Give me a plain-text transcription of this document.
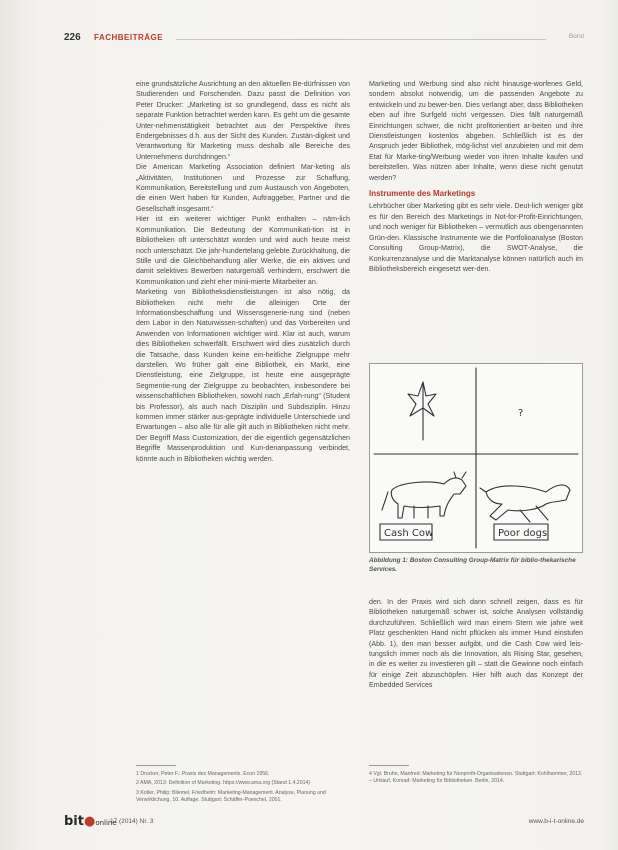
226 FACHBEITRÄGE	Borst

eine grundsätzliche Ausrichtung an den aktuellen Be-dürfnissen von Studierenden und Forschenden. Dazu passt die Definition von Peter Drucker: „Marketing ist so grundlegend, dass es nicht als separate Funktion betrachtet werden kann. Es geht um die gesamte Unter-nehmenstätigkeit betrachtet aus der Perspektive ihres Endergebnisses d.h. aus der Sicht des Kunden. Zustän-digkeit und Verantwortung für Marketing muss deshalb alle Bereiche des Unternehmens durchdringen.“

Die American Marketing Association definiert Mar-keting als „Aktivitäten, Institutionen und Prozesse zur Schaffung, Kommunikation, Bereitstellung und zum Austausch von Angeboten, die einen Wert haben für Kunden, Auftraggeber, Partner und die Gesellschaft insgesamt.“

Hier ist ein weiterer wichtiger Punkt enthalten – näm-lich Kommunikation. Die Bedeutung der Kommunikati-tion ist in Bibliotheken oft unterschätzt worden und wird auch heute meist noch unterschätzt. Die jahr-hundertelang gelebte Zurückhaltung, die Stille und die Gleichbehandlung aller Werke, die ein aktives und damit selektives Bewerben naturgemäß verhindern, erschwert die Kommunikation und zieht eher minii-mierte Mitarbeiter an.

Marketing von Bibliotheksdienstleistungen ist also nötig, da Bibliotheken nicht mehr die alleinigen Orte der Informationsbeschaffung und Wissensgenerie-rung sind (neben dem Labor in den Naturwissen-schaften) und das Vorbereiten und Anwenden von Informationen wichtiger wird. Klar ist auch, warum dies Bibliotheken schwerfällt. Erschwert wird dies zusätzlich durch die Tatsache, dass Kunden keine ein-heitliche Zielgruppe mehr darstellen. Wo früher galt eine Bibliothek, ein Markt, eine Dienstleistung, eine Zielgruppe, ist heute eine ausgeprägte Segmentie-rung der Zielgruppe zu beobachten, insbesondere bei wissenschaftlichen Bibliotheken, sowohl nach „Erfah-rung“ (Student bis Professor), als auch nach Disziplin und Subdisziplin. Hinzu kommen immer stärker aus-geprägte individuelle Unterschiede und Erwartungen – also alle für alle gilt auch in Bibliotheken nicht mehr. Der Begriff Mass Customization, der die eigentlich gegensätzlichen Begriffe Massenproduktion und Kun-denanpassung verbindet, könnte auch in Bibliotheken wichtig werden.

Marketing und Werbung sind also nicht hinausge-worfenes Geld, sondern absolut notwendig, um die passenden Angebote zu entwickeln und zu bewer-ben. Dies verlangt aber, dass Bibliotheken eben auf ihre Surfgeld nicht vergessen. Dies fällt naturgemäß Einrichtungen schwer, die nicht profitorientiert ar-beiten und ihre Dienstleistungen kostenlos abgeben. Schließlich ist es der Anspruch jeder Bibliothek, mög-lichst viel anzubieten und mit dem Etat für Marke-ting/Werbung wieder von ihren Inhalte kaufen und bereitstellen. Was nützen aber Inhalte, wenn diese nicht genutzt werden?

Instrumente des Marketings

Lehrbücher über Marketing gibt es sehr viele. Deut-lich weniger gibt es für den Bereich des Marketings in Not-for-Profit-Einrichtungen, und noch weniger für Bibliotheken – vermutlich aus obengenannten Grün-den. Klassische Instrumente wie die Portfolioanalyse (Boston Consulting Group-Matrix), die SWOT-Analyse, die Konkurrenzanalyse und die Marktanalyse können natürlich auch im Bibliotheksbereich eingesetzt wer-den.

?
Cash Cow	Poor dogs
Abbildung 1: Boston Consulting Group-Matrix für biblio-thekarische Services.

den. In der Praxis wird sich dann schnell zeigen, dass es für Bibliotheken naturgemäß schwer ist, solche Analysen vollständig durchzuführen. Schließlich wird man einem Stern wie jahre weit Platz geschenkten Hand nicht pflücken als immer Hund einstufen (Abb. 1), den man besser aufgibt, und die Cash Cow wird leis-tungslich immer noch als die Innovation, als Rising Star, gesehen, in die es weiter zu investieren gilt – statt die Gewinne noch einfach für einige Zeit abzuschöpfen. Hier hilft auch das Konzept der Embedded Services

1 Drucker, Peter F.: Praxis des Managements. Econ 1956.

2 AMA, 2013: Definition of Marketing. https://www.ama.org (Stand 1.4.2014)

3 Kotler, Philip; Bliemel, Friedhelm: Marketing-Management. Analyse, Planung und Verwirklichung. 10. Auflage. Stuttgart: Schäffer-Poeschel, 2001.

4 Vgl. Bruhn, Manfred: Marketing für Nonprofit-Organisationen. Stuttgart: Kohlhammer, 2012. – Umlauf, Konrad: Marketing für Bibliotheken. Berlin, 2014.

bit●online
17 (2014) Nr. 3	www.b-i-t-online.de
